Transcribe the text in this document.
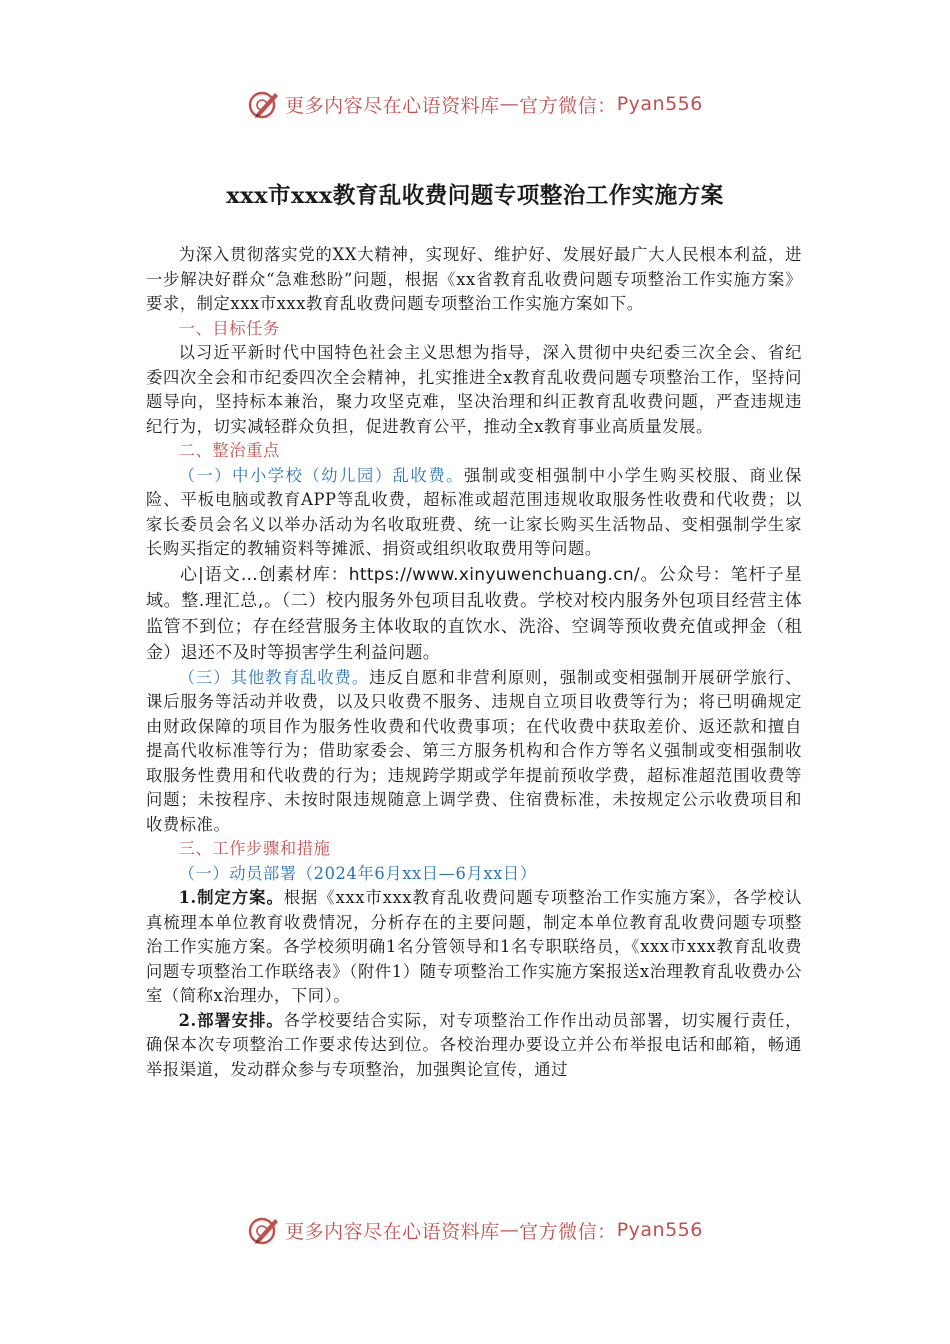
更多内容尽在心语资料库 — 官方微信： Pyan556
xxx市xxx教育乱收费问题专项整治工作实施方案

为深入贯彻落实党的XX大精神，实现好、维护好、发展好最广大人民根本利益，进一步解决好群众“急难愁盼”问题，根据《xx省教育乱收费问题专项整治工作实施方案》要求，制定xxx市xxx教育乱收费问题专项整治工作实施方案如下。

一、目标任务

以习近平新时代中国特色社会主义思想为指导，深入贯彻中央纪委三次全会、省纪委四次全会和市纪委四次全会精神，扎实推进全x教育乱收费问题专项整治工作，坚持问题导向，坚持标本兼治，聚力攻坚克难，坚决治理和纠正教育乱收费问题，严查违规违纪行为，切实减轻群众负担，促进教育公平，推动全x教育事业高质量发展。

二、整治重点

（一）中小学校（幼儿园）乱收费。强制或变相强制中小学生购买校服、商业保险、平板电脑或教育APP等乱收费，超标准或超范围违规收取服务性收费和代收费；以家长委员会名义以举办活动为名收取班费、统一让家长购买生活物品、变相强制学生家长购买指定的教辅资料等摊派、捐资或组织收取费用等问题。

心|语文…创素材库：https://www.xinyuwenchuang.cn/。公众号：笔杆子星域。整.理汇总,。（二）校内服务外包项目乱收费。学校对校内服务外包项目经营主体监管不到位；存在经营服务主体收取的直饮水、洗浴、空调等预收费充值或押金（租金）退还不及时等损害学生利益问题。

（三）其他教育乱收费。违反自愿和非营利原则，强制或变相强制开展研学旅行、课后服务等活动并收费，以及只收费不服务、违规自立项目收费等行为；将已明确规定由财政保障的项目作为服务性收费和代收费事项；在代收费中获取差价、返还款和擅自提高代收标准等行为；借助家委会、第三方服务机构和合作方等名义强制或变相强制收取服务性费用和代收费的行为；违规跨学期或学年提前预收学费，超标准超范围收费等问题；未按程序、未按时限违规随意上调学费、住宿费标准，未按规定公示收费项目和收费标准。

三、工作步骤和措施

（一）动员部署（2024年6月xx日—6月xx日）

1.制定方案。根据《xxx市xxx教育乱收费问题专项整治工作实施方案》，各学校认真梳理本单位教育收费情况，分析存在的主要问题，制定本单位教育乱收费问题专项整治工作实施方案。各学校须明确1名分管领导和1名专职联络员，《xxx市xxx教育乱收费问题专项整治工作联络表》（附件1）随专项整治工作实施方案报送x治理教育乱收费办公室（简称x治理办，下同）。

2.部署安排。各学校要结合实际，对专项整治工作作出动员部署，切实履行责任，确保本次专项整治工作要求传达到位。各校治理办要设立并公布举报电话和邮箱，畅通举报渠道，发动群众参与专项整治，加强舆论宣传，通过

更多内容尽在心语资料库 — 官方微信： Pyan556
